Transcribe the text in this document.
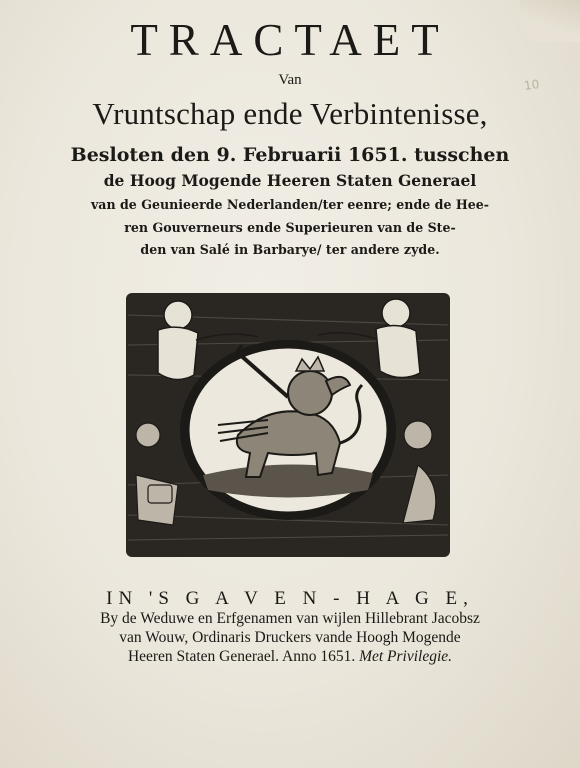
10
TRACTAET
Van
Vruntschap ende Verbintenisse,
Besloten den 9. Februarii 1651. tusschen
de Hoog Mogende Heeren Staten Generael
van de Geunieerde Nederlanden/ter eenre; ende de Hee-
ren Gouverneurs ende Superieuren van de Ste-
den van Salé in Barbarye/ ter andere zyde.
IN 'S G A V E N - H A G E,
By de Weduwe en Erfgenamen van wijlen Hillebrant Jacobsz
van Wouw, Ordinaris Druckers vande Hoogh Mogende
Heeren Staten Generael. Anno 1651. Met Privilegie.
